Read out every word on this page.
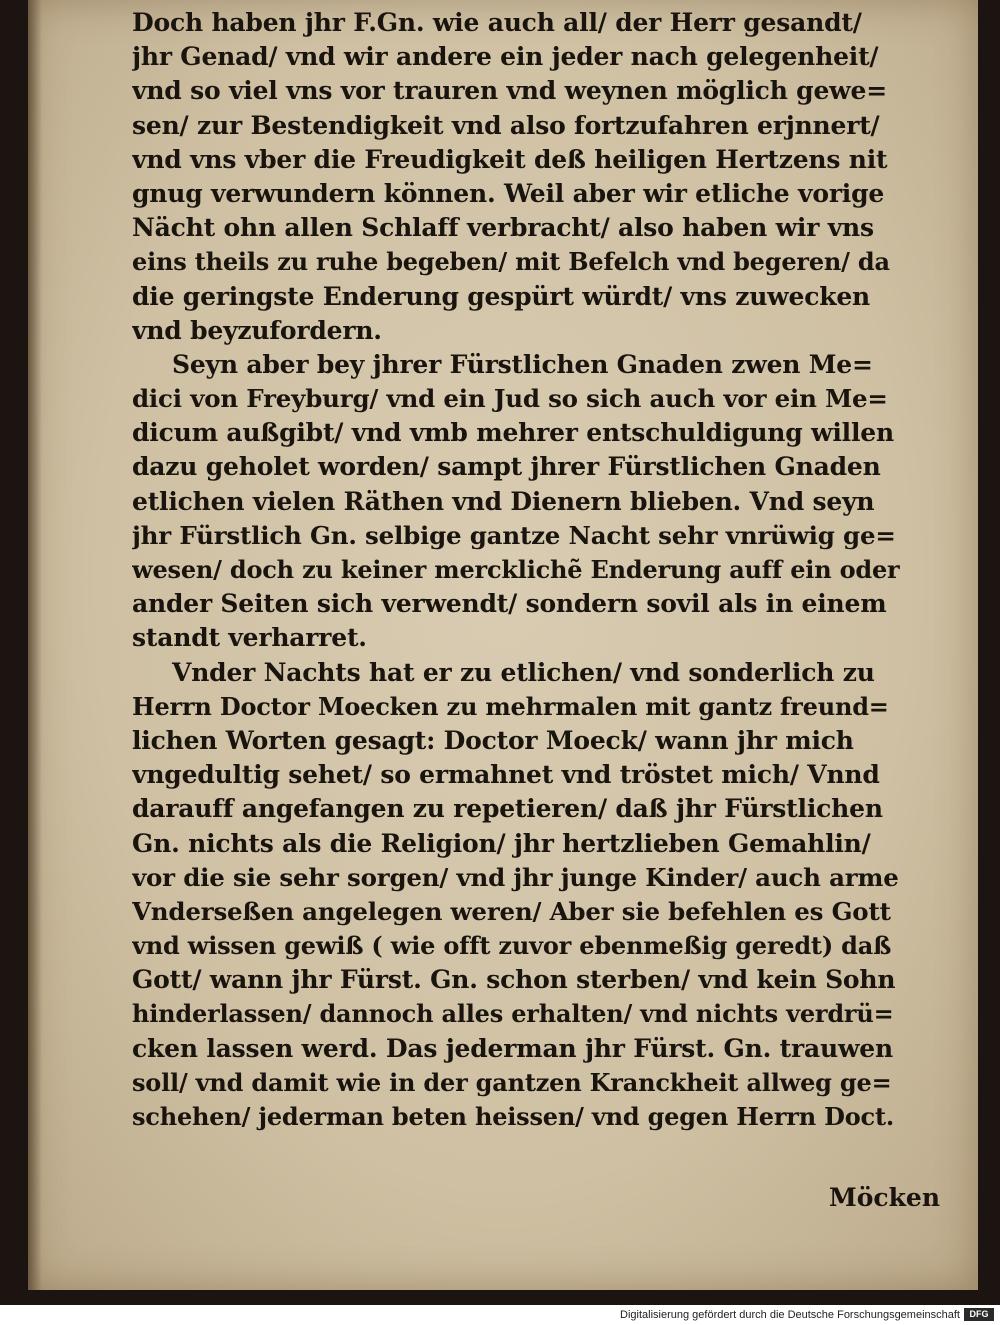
Doch haben jhr F.Gn. wie auch all/ der Herr gesandt/
jhr Genad/ vnd wir andere ein jeder nach gelegenheit/
vnd so viel vns vor trauren vnd weynen möglich gewe=
sen/ zur Bestendigkeit vnd also fortzufahren erjnnert/
vnd vns vber die Freudigkeit deß heiligen Hertzens nit
gnug verwundern können. Weil aber wir etliche vorige
Nächt ohn allen Schlaff verbracht/ also haben wir vns
eins theils zu ruhe begeben/ mit Befelch vnd begeren/ da
die geringste Enderung gespürt würdt/ vns zuwecken
vnd beyzufordern.
Seyn aber bey jhrer Fürstlichen Gnaden zwen Me=
dici von Freyburg/ vnd ein Jud so sich auch vor ein Me=
dicum außgibt/ vnd vmb mehrer entschuldigung willen
dazu geholet worden/ sampt jhrer Fürstlichen Gnaden
etlichen vielen Räthen vnd Dienern blieben. Vnd seyn
jhr Fürstlich Gn. selbige gantze Nacht sehr vnrüwig ge=
wesen/ doch zu keiner mercklichẽ Enderung auff ein oder
ander Seiten sich verwendt/ sondern sovil als in einem
standt verharret.
Vnder Nachts hat er zu etlichen/ vnd sonderlich zu
Herrn Doctor Moecken zu mehrmalen mit gantz freund=
lichen Worten gesagt: Doctor Moeck/ wann jhr mich
vngedultig sehet/ so ermahnet vnd tröstet mich/ Vnnd
darauff angefangen zu repetieren/ daß jhr Fürstlichen
Gn. nichts als die Religion/ jhr hertzlieben Gemahlin/
vor die sie sehr sorgen/ vnd jhr junge Kinder/ auch arme
Vnderseßen angelegen weren/ Aber sie befehlen es Gott
vnd wissen gewiß ( wie offt zuvor ebenmeßig geredt) daß
Gott/ wann jhr Fürst. Gn. schon sterben/ vnd kein Sohn
hinderlassen/ dannoch alles erhalten/ vnd nichts verdrü=
cken lassen werd. Das jederman jhr Fürst. Gn. trauwen
soll/ vnd damit wie in der gantzen Kranckheit allweg ge=
schehen/ jederman beten heissen/ vnd gegen Herrn Doct.
Möcken
Digitalisierung gefördert durch die Deutsche Forschungsgemeinschaft	DFG
